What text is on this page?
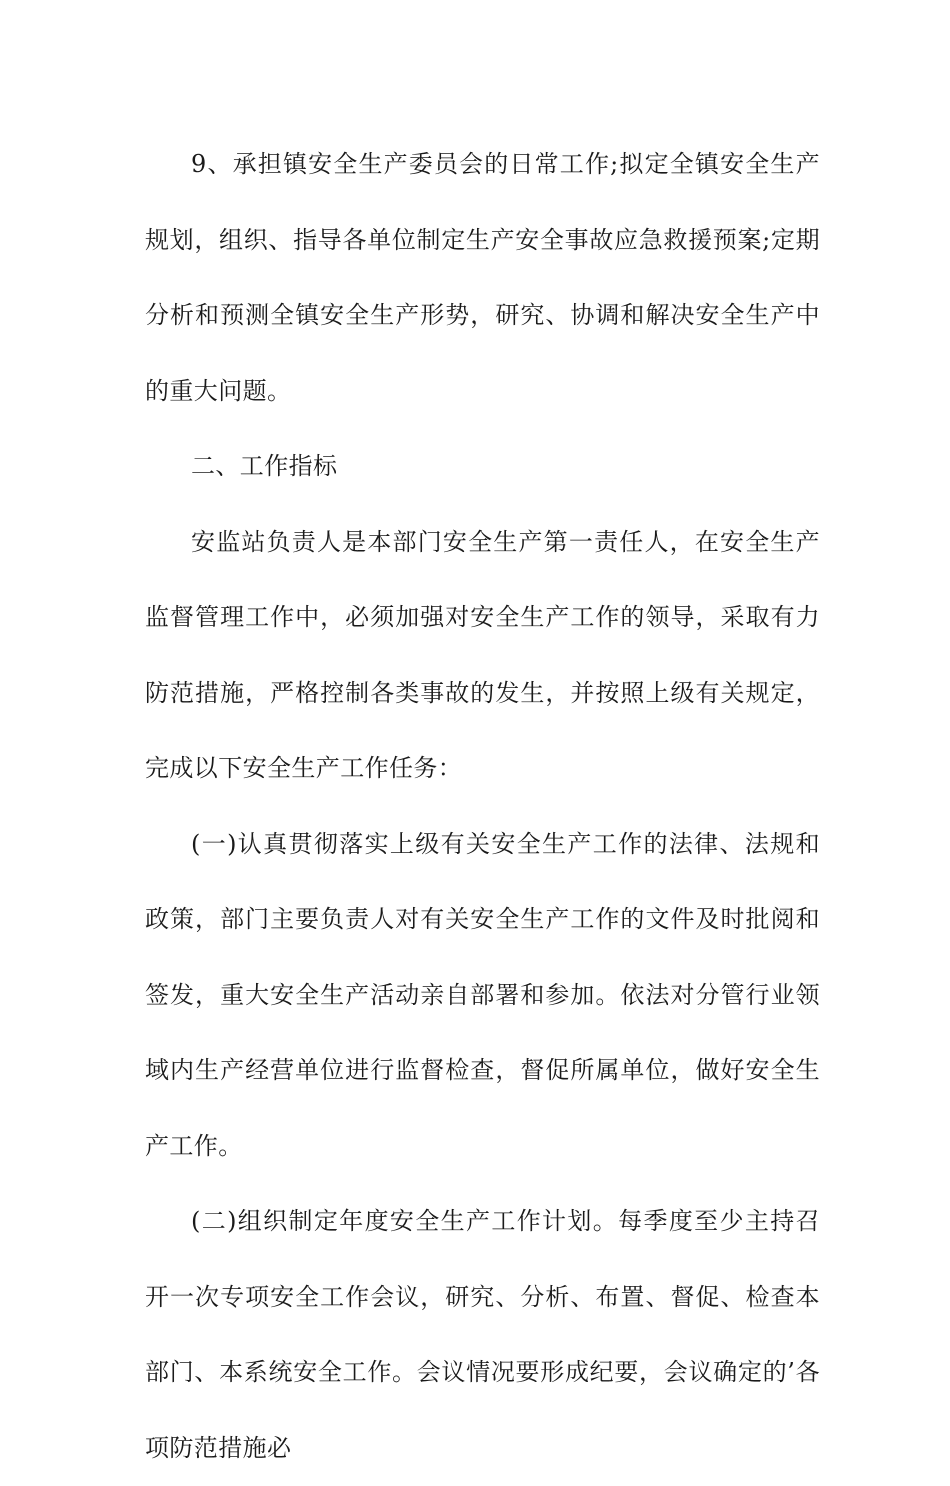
9、承担镇安全生产委员会的日常工作;拟定全镇安全生产规划，组织、指导各单位制定生产安全事故应急救援预案;定期分析和预测全镇安全生产形势，研究、协调和解决安全生产中的重大问题。

二、工作指标

安监站负责人是本部门安全生产第一责任人，在安全生产监督管理工作中，必须加强对安全生产工作的领导，采取有力防范措施，严格控制各类事故的发生，并按照上级有关规定，完成以下安全生产工作任务：

(一)认真贯彻落实上级有关安全生产工作的法律、法规和政策，部门主要负责人对有关安全生产工作的文件及时批阅和签发，重大安全生产活动亲自部署和参加。依法对分管行业领域内生产经营单位进行监督检查，督促所属单位，做好安全生产工作。

(二)组织制定年度安全生产工作计划。每季度至少主持召开一次专项安全工作会议，研究、分析、布置、督促、检查本部门、本系统安全工作。会议情况要形成纪要，会议确定的’各项防范措施必
